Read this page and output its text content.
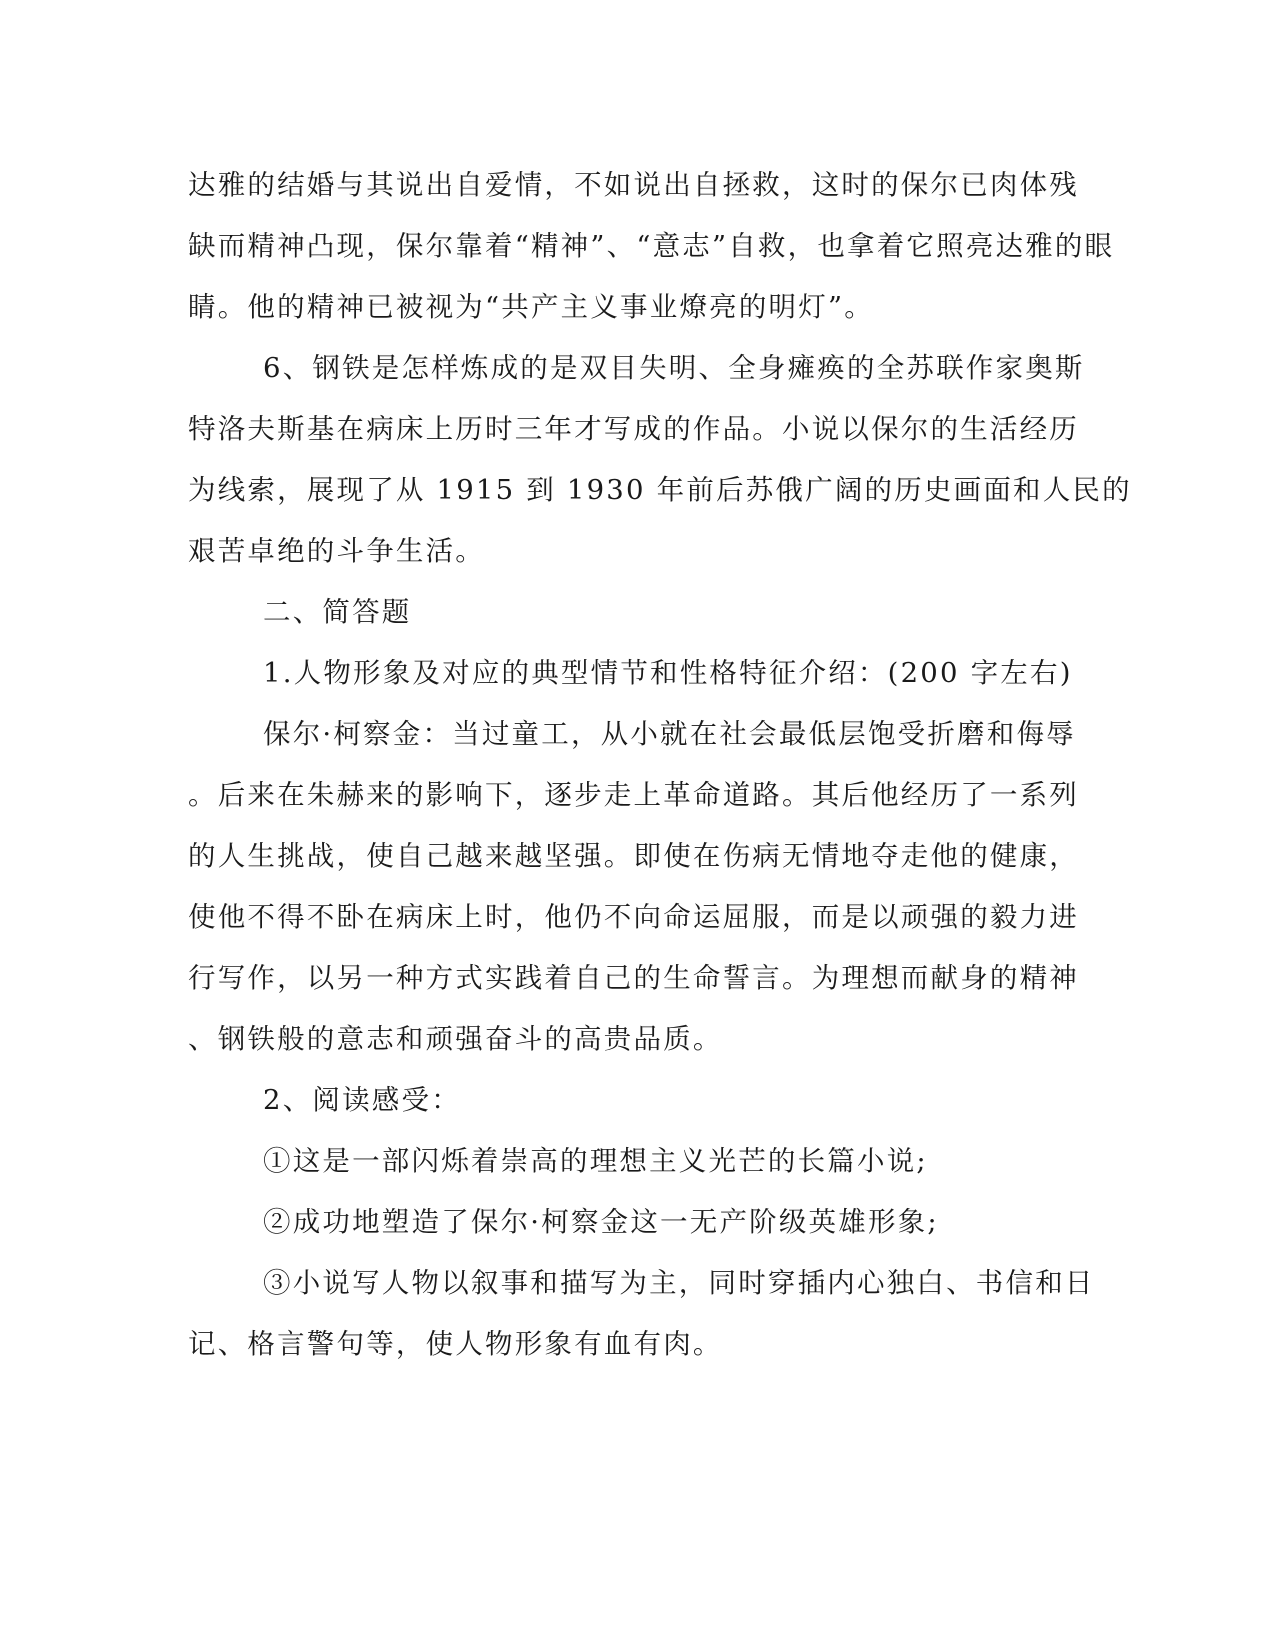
达雅的结婚与其说出自爱情，不如说出自拯救，这时的保尔已肉体残

缺而精神凸现，保尔靠着“精神”、“意志”自救，也拿着它照亮达雅的眼

睛。他的精神已被视为“共产主义事业燎亮的明灯”。

6、钢铁是怎样炼成的是双目失明、全身瘫痪的全苏联作家奥斯

特洛夫斯基在病床上历时三年才写成的作品。小说以保尔的生活经历

为线索，展现了从 1915 到 1930 年前后苏俄广阔的历史画面和人民的

艰苦卓绝的斗争生活。

二、简答题

1.人物形象及对应的典型情节和性格特征介绍：(200 字左右)

保尔·柯察金：当过童工，从小就在社会最低层饱受折磨和侮辱

。后来在朱赫来的影响下，逐步走上革命道路。其后他经历了一系列

的人生挑战，使自己越来越坚强。即使在伤病无情地夺走他的健康，

使他不得不卧在病床上时，他仍不向命运屈服，而是以顽强的毅力进

行写作，以另一种方式实践着自己的生命誓言。为理想而献身的精神

、钢铁般的意志和顽强奋斗的高贵品质。

2、阅读感受：

①这是一部闪烁着崇高的理想主义光芒的长篇小说;

②成功地塑造了保尔·柯察金这一无产阶级英雄形象;

③小说写人物以叙事和描写为主，同时穿插内心独白、书信和日

记、格言警句等，使人物形象有血有肉。
